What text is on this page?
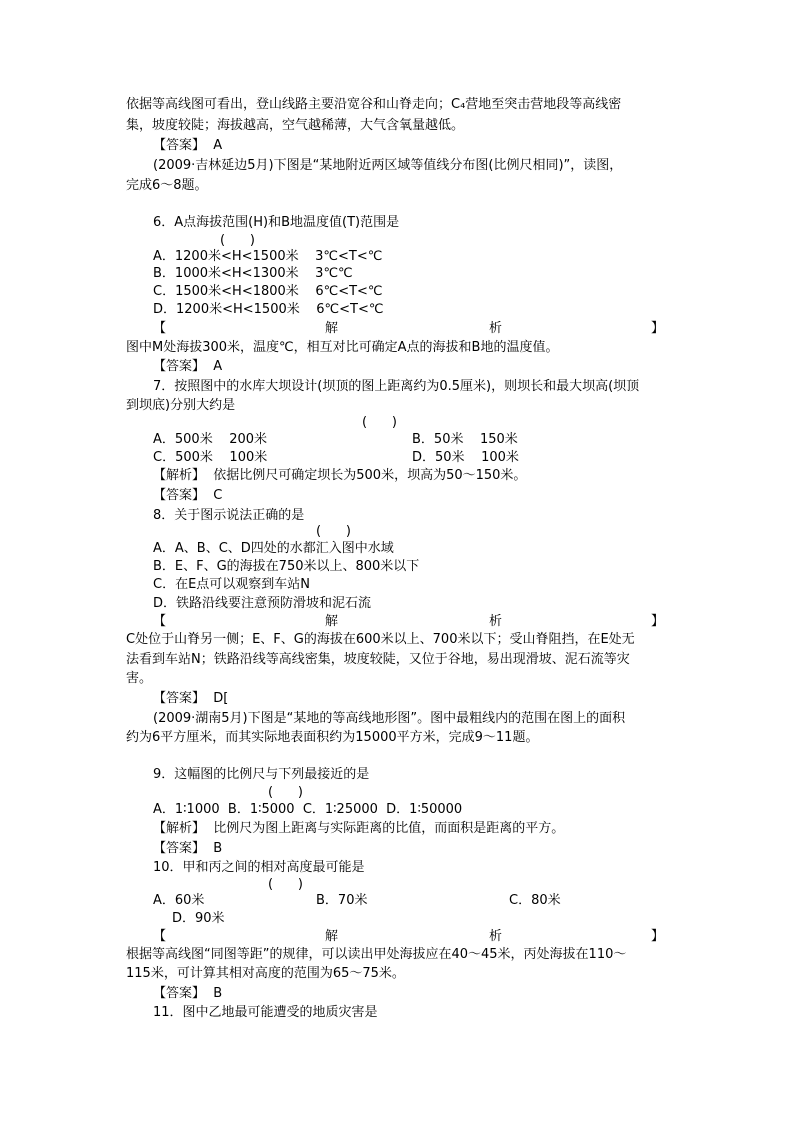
依据等高线图可看出，登山线路主要沿宽谷和山脊走向；C₄营地至突击营地段等高线密
集，坡度较陡；海拔越高，空气越稀薄，大气含氧量越低。
【答案】  A
(2009·吉林延边5月)下图是“某地附近两区域等值线分布图(比例尺相同)”，读图，
完成6～8题。
6．A点海拔范围(H)和B地温度值(T)范围是
(      )
A．1200米<H<1500米    3℃<T<℃
B．1000米<H<1300米    3℃℃
C．1500米<H<1800米    6℃<T<℃
D．1200米<H<1500米    6℃<T<℃
【	解	析	】
图中M处海拔300米，温度℃，相互对比可确定A点的海拔和B地的温度值。
【答案】  A
7．按照图中的水库大坝设计(坝顶的图上距离约为0.5厘米)，则坝长和最大坝高(坝顶
到坝底)分别大约是
(      )
A．500米    200米	B．50米    150米
C．500米    100米	D．50米    100米
【解析】  依据比例尺可确定坝长为500米，坝高为50～150米。
【答案】  C
8．关于图示说法正确的是
(      )
A．A、B、C、D四处的水都汇入图中水域
B．E、F、G的海拔在750米以上、800米以下
C．在E点可以观察到车站N
D．铁路沿线要注意预防滑坡和泥石流
【	解	析	】
C处位于山脊另一侧；E、F、G的海拔在600米以上、700米以下；受山脊阻挡，在E处无
法看到车站N；铁路沿线等高线密集，坡度较陡，又位于谷地，易出现滑坡、泥石流等灾
害。
【答案】  D[
(2009·湖南5月)下图是“某地的等高线地形图”。图中最粗线内的范围在图上的面积
约为6平方厘米，而其实际地表面积约为15000平方米，完成9～11题。
9．这幅图的比例尺与下列最接近的是
(      )
A．1∶1000  B．1∶5000  C．1∶25000  D．1∶50000
【解析】  比例尺为图上距离与实际距离的比值，而面积是距离的平方。
【答案】  B
10．甲和丙之间的相对高度最可能是
(      )
A．60米	B．70米	C．80米
D．90米
【	解	析	】
根据等高线图“同图等距”的规律，可以读出甲处海拔应在40～45米，丙处海拔在110～
115米，可计算其相对高度的范围为65～75米。
【答案】  B
11．图中乙地最可能遭受的地质灾害是
